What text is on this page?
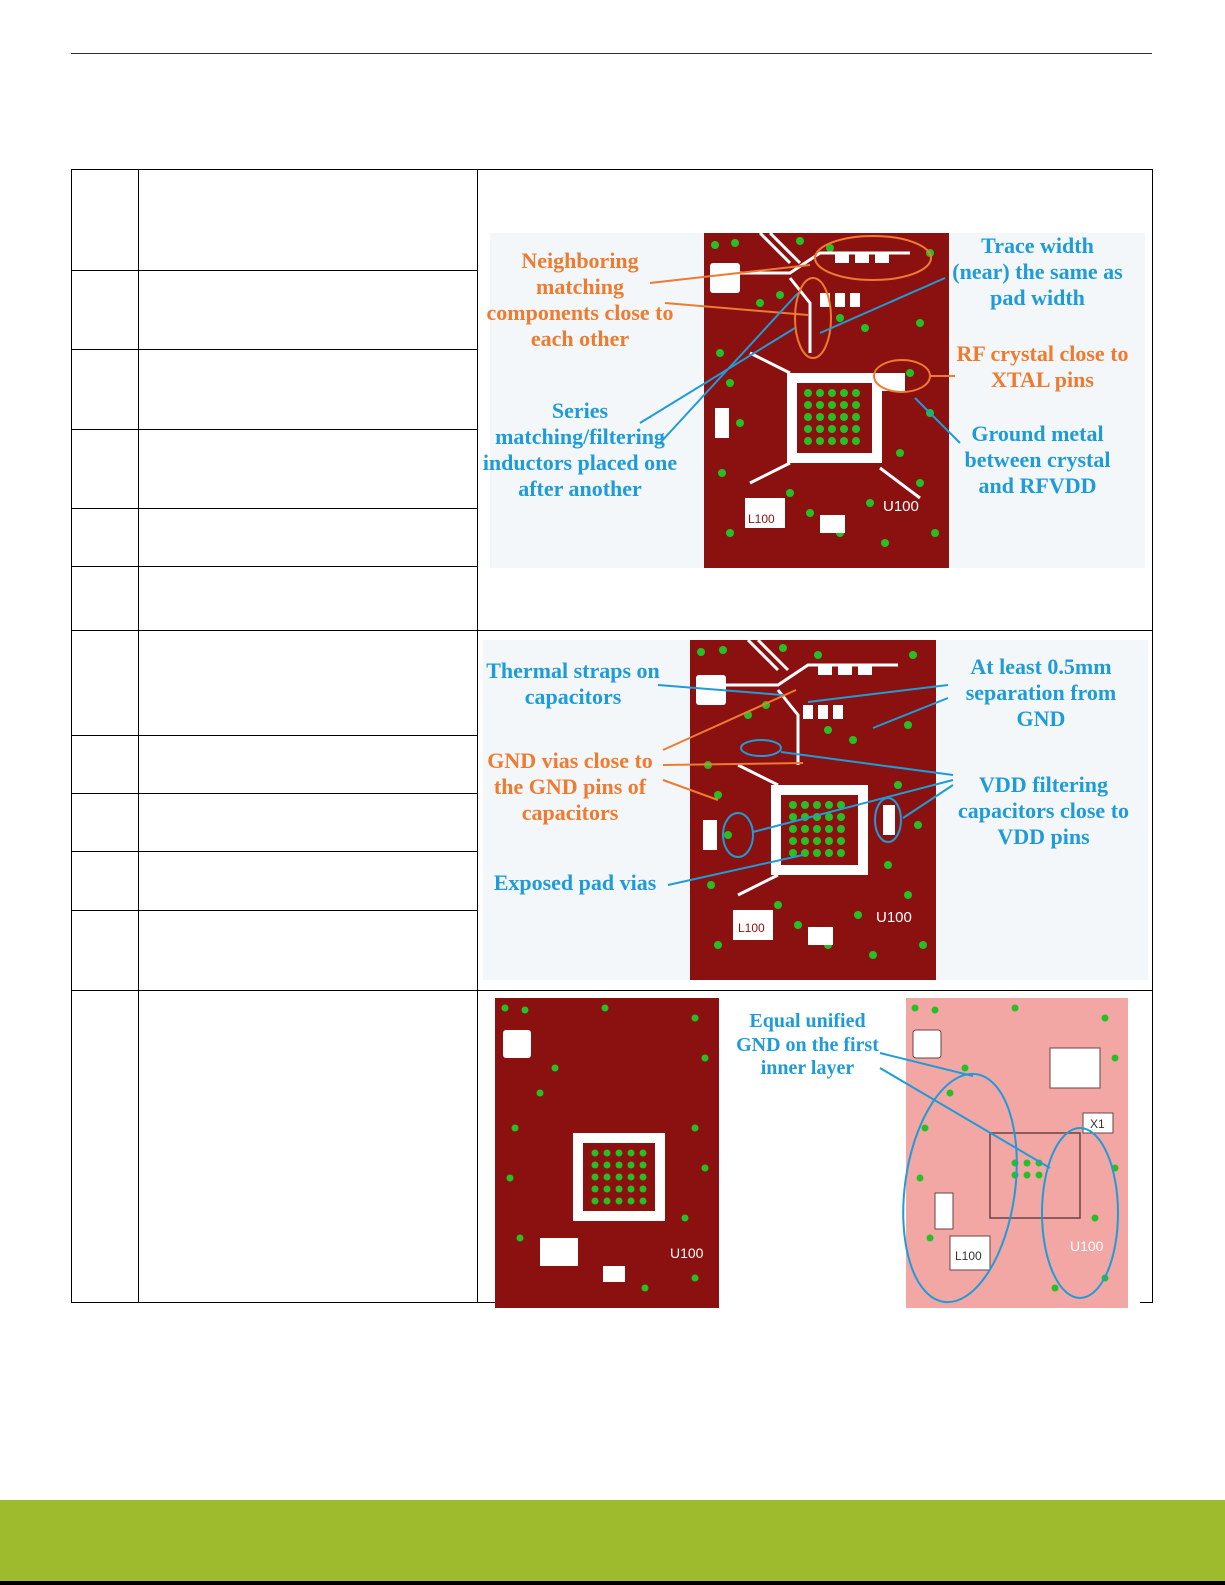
U100
L100
Neighboring matching components close to each other
Series matching/filtering inductors placed one after another
Trace width (near) the same as pad width
RF crystal close to XTAL pins
Ground metal between crystal and RFVDD
U100
L100
Thermal straps on capacitors
GND vias close to the GND pins of capacitors
Exposed pad vias
At least 0.5mm separation from GND
VDD filtering capacitors close to VDD pins
U100
X1
U100
L100
Equal unified GND on the first inner layer
